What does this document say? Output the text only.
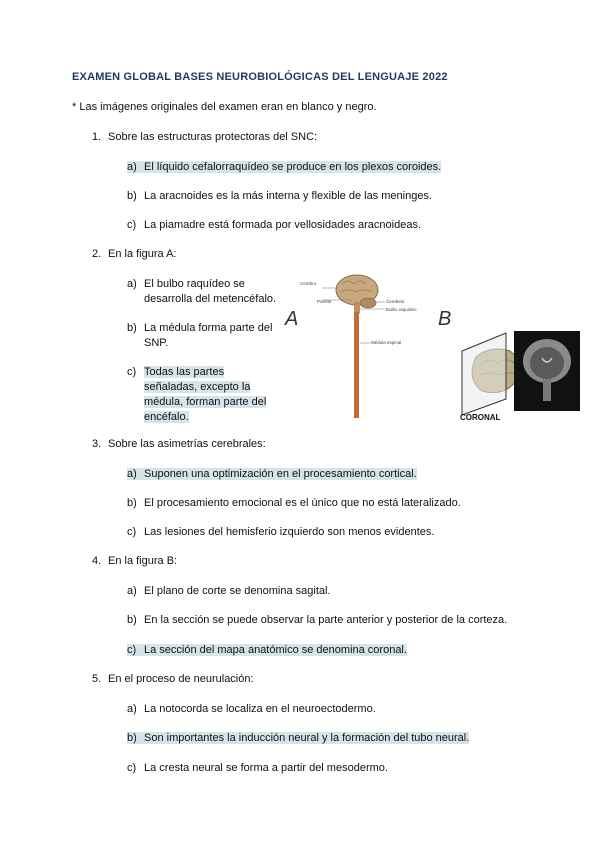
EXAMEN GLOBAL BASES NEUROBIOLÓGICAS DEL LENGUAJE 2022
* Las imágenes originales del examen eran en blanco y negro.
1. Sobre las estructuras protectoras del SNC:
a) El líquido cefalorraquídeo se produce en los plexos coroides.
b) La aracnoides es la más interna y flexible de las meninges.
c) La piamadre está formada por vellosidades aracnoideas.
2. En la figura A:
a) El bulbo raquídeo se desarrolla del metencéfalo.
b) La médula forma parte del SNP.
c) Todas las partes señaladas, excepto la médula, forman parte del encéfalo.
A
Cerebro
Puente	Cerebelo
Bulbo raquídeo
Médula espinal
B
CORONAL
3. Sobre las asimetrías cerebrales:
a) Suponen una optimización en el procesamiento cortical.
b) El procesamiento emocional es el único que no está lateralizado.
c) Las lesiones del hemisferio izquierdo son menos evidentes.
4. En la figura B:
a) El plano de corte se denomina sagital.
b) En la sección se puede observar la parte anterior y posterior de la corteza.
c) La sección del mapa anatómico se denomina coronal.
5. En el proceso de neurulación:
a) La notocorda se localiza en el neuroectodermo.
b) Son importantes la inducción neural y la formación del tubo neural.
c) La cresta neural se forma a partir del mesodermo.
